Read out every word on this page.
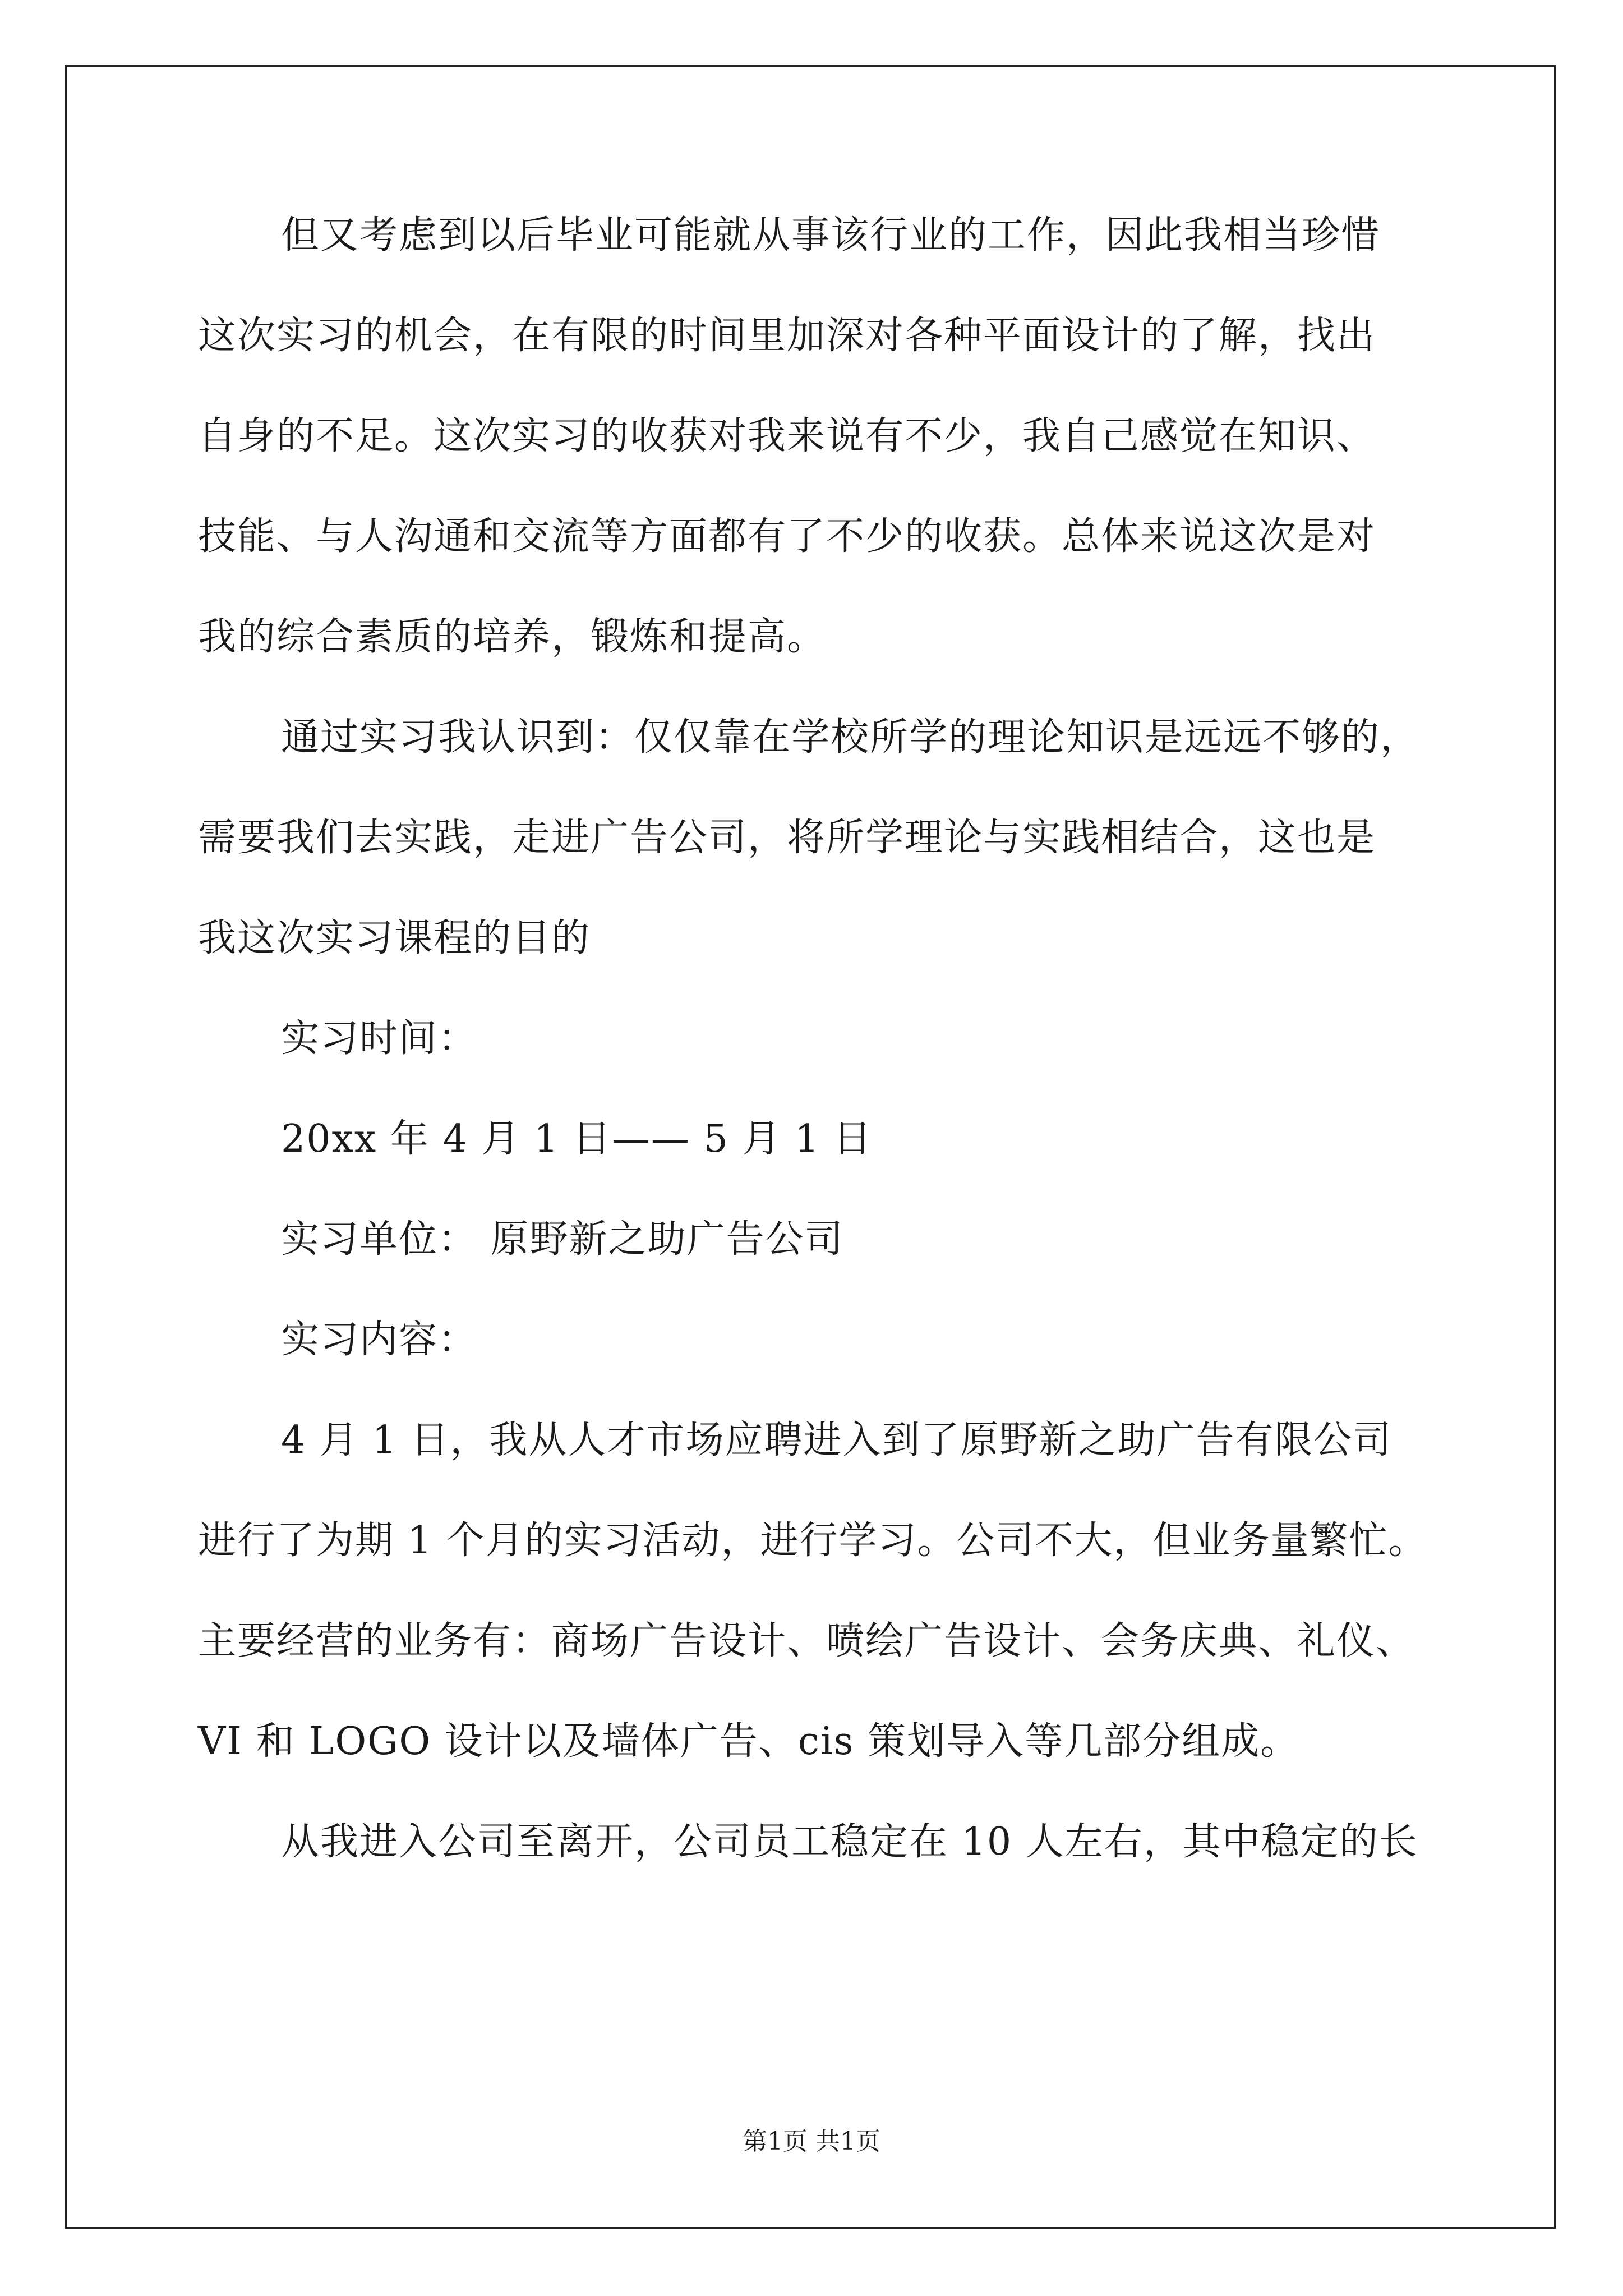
但又考虑到以后毕业可能就从事该行业的工作，因此我相当珍惜
这次实习的机会，在有限的时间里加深对各种平面设计的了解，找出
自身的不足。这次实习的收获对我来说有不少，我自己感觉在知识、
技能、与人沟通和交流等方面都有了不少的收获。总体来说这次是对
我的综合素质的培养，锻炼和提高。
通过实习我认识到：仅仅靠在学校所学的理论知识是远远不够的，
需要我们去实践，走进广告公司，将所学理论与实践相结合，这也是
我这次实习课程的目的
实习时间：
20xx 年 4 月 1 日—— 5 月 1 日
实习单位： 原野新之助广告公司
实习内容：
4 月 1 日，我从人才市场应聘进入到了原野新之助广告有限公司
进行了为期 1 个月的实习活动，进行学习。公司不大，但业务量繁忙。
主要经营的业务有：商场广告设计、喷绘广告设计、会务庆典、礼仪、
VI 和 LOGO 设计以及墙体广告、cis 策划导入等几部分组成。
从我进入公司至离开，公司员工稳定在 10 人左右，其中稳定的长
第1页 共1页
